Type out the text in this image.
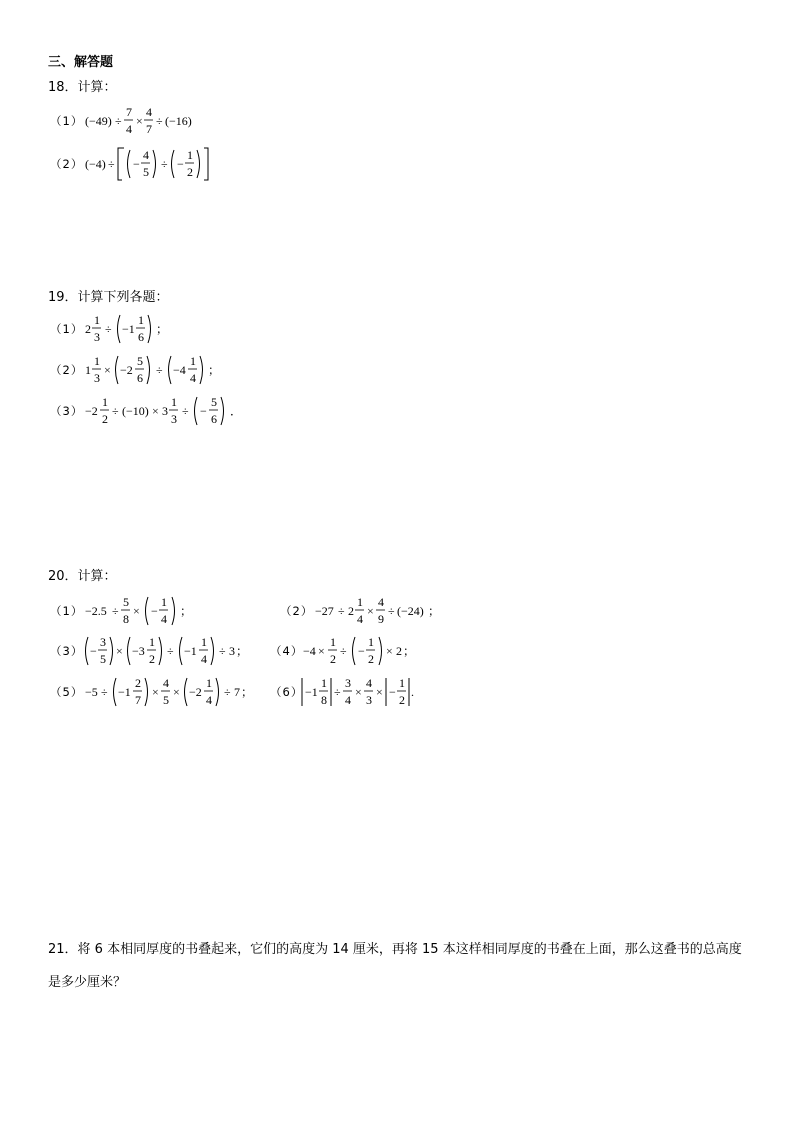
三、解答题
18．计算：
（1） (−49) ÷
7
4
×
4
7
÷ (−16)
（2） (−4) ÷ −
4
5
÷ −
1
2
19．计算下列各题：
（1） 2
1
3
÷ −1
1
6
；
（2） 1
1
3
× −2
5
6
÷ −4
1
4
；
（3） −2
1
2
÷ (−10) × 3
1
3
÷ −
5
6
．
20．计算：
（1） −2.5 ÷
5
8
× −
1
4
；	（2） −27 ÷ 2
1
4
×
4
9
÷ (−24) ；
（3） −
3
5
× −3
1
2
÷ −1
1
4
÷ 3 ； （4） −4 ×
1
2
÷ −
1
2
× 2 ；
（5） −5 ÷ −1
2
7
×
4
5
× −2
1
4
÷ 7 ； （6） −1
1
8
÷
3
4
×
4
3
× −
1
2
.
21．将 6 本相同厚度的书叠起来，它们的高度为 14 厘米，再将 15 本这样相同厚度的书叠在上面，那么这叠书的总高度是多少厘米？
